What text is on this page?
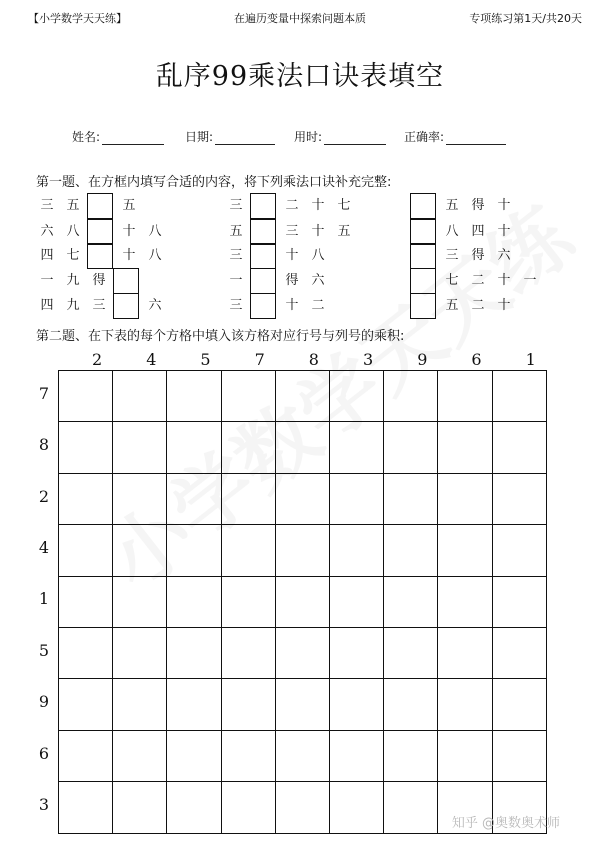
【小学数学天天练】	在遍历变量中探索问题本质	专项练习第1天/共20天
乱序99乘法口诀表填空
姓名:	日期:	用时:	正确率:
第一题、在方框内填写合适的内容，将下列乘法口诀补充完整:
三 五	五	三	二 十 七	五 得 十
六 八	十 八	五	三 十 五	八 四 十
四 七	十 八	三	十 八	三 得 六
一 九 得	一	得 六	七 二 十 一
四 九 三	六	三	十 二	五 二 十
第二题、在下表的每个方格中填入该方格对应行号与列号的乘积:
2	4	5	7	8	3	9	6	1
7
8
2
4
1
5
9
6
3
知乎 @奥数奥术师
